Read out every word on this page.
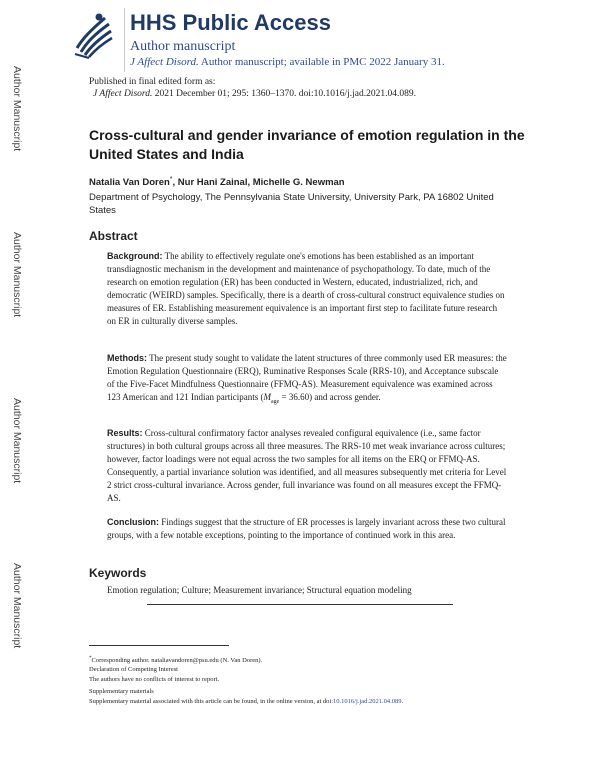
Author Manuscript
Author Manuscript
Author Manuscript
Author Manuscript
HHS Public Access
Author manuscript
J Affect Disord. Author manuscript; available in PMC 2022 January 31.
Published in final edited form as:
J Affect Disord. 2021 December 01; 295: 1360–1370. doi:10.1016/j.jad.2021.04.089.
Cross-cultural and gender invariance of emotion regulation in the United States and India
Natalia Van Doren*, Nur Hani Zainal, Michelle G. Newman
Department of Psychology, The Pennsylvania State University, University Park, PA 16802 United States
Abstract
Background: The ability to effectively regulate one's emotions has been established as an important transdiagnostic mechanism in the development and maintenance of psychopathology. To date, much of the research on emotion regulation (ER) has been conducted in Western, educated, industrialized, rich, and democratic (WEIRD) samples. Specifically, there is a dearth of cross-cultural construct equivalence studies on measures of ER. Establishing measurement equivalence is an important first step to facilitate future research on ER in culturally diverse samples.
Methods: The present study sought to validate the latent structures of three commonly used ER measures: the Emotion Regulation Questionnaire (ERQ), Ruminative Responses Scale (RRS-10), and Acceptance subscale of the Five-Facet Mindfulness Questionnaire (FFMQ-AS). Measurement equivalence was examined across 123 American and 121 Indian participants $(M_{age} = 36.60)$ and across gender.
Results: Cross-cultural confirmatory factor analyses revealed configural equivalence (i.e., same factor structures) in both cultural groups across all three measures. The RRS-10 met weak invariance across cultures; however, factor loadings were not equal across the two samples for all items on the ERQ or FFMQ-AS. Consequently, a partial invariance solution was identified, and all measures subsequently met criteria for Level 2 strict cross-cultural invariance. Across gender, full invariance was found on all measures except the FFMQ-AS.
Conclusion: Findings suggest that the structure of ER processes is largely invariant across these two cultural groups, with a few notable exceptions, pointing to the importance of continued work in this area.
Keywords
Emotion regulation; Culture; Measurement invariance; Structural equation modeling
*Corresponding author. nataliavandoren@psu.edu (N. Van Doren).
Declaration of Competing Interest
The authors have no conflicts of interest to report.
Supplementary materials
Supplementary material associated with this article can be found, in the online version, at doi:10.1016/j.jad.2021.04.089.
